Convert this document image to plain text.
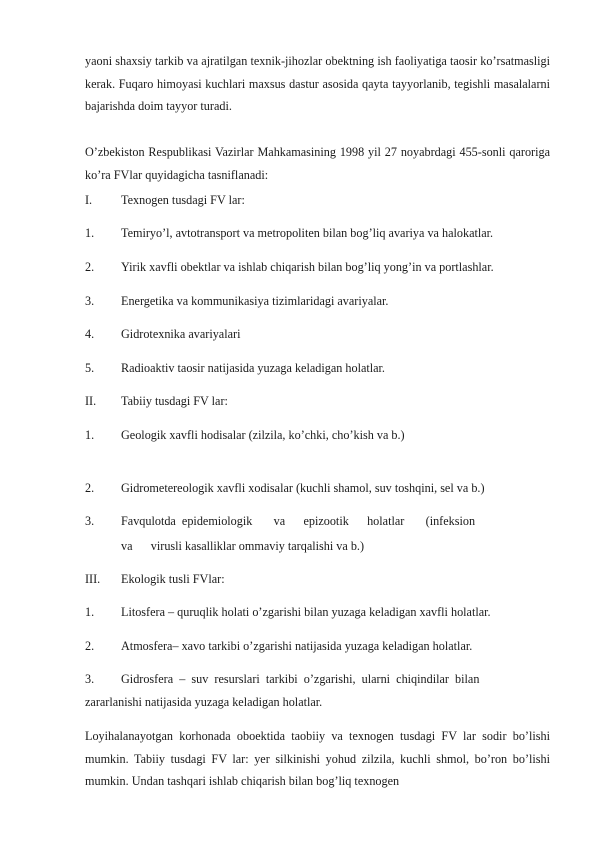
yaoni shaxsiy tarkib va ajratilgan texnik-jihozlar obektning ish faoliyatiga taosir ko’rsatmasligi kerak. Fuqaro himoyasi kuchlari maxsus dastur asosida qayta tayyorlanib, tegishli masalalarni bajarishda doim tayyor turadi.
O’zbekiston Respublikasi Vazirlar Mahkamasining 1998 yil 27 noyabrdagi 455-sonli qaroriga ko’ra FVlar quyidagicha tasniflanadi:
I. Texnogen tusdagi FV lar:
1. Temiryo’l, avtotransport va metropoliten bilan bog’liq avariya va halokatlar.
2. Yirik xavfli obektlar va ishlab chiqarish bilan bog’liq yong’in va portlashlar.
3. Energetika va kommunikasiya tizimlaridagi avariyalar.
4. Gidrotexnika avariyalari
5. Radioaktiv taosir natijasida yuzaga keladigan holatlar.
II. Tabiiy tusdagi FV lar:
1. Geologik xavfli hodisalar (zilzila, ko’chki, cho’kish va b.)
2. Gidrometereologik xavfli xodisalar (kuchli shamol, suv toshqini, sel va b.)
3. Favqulotda  epidemiologik       va      epizootik      holatlar       (infeksion
va      virusli kasalliklar ommaviy tarqalishi va b.)
III. Ekologik tusli FVlar:
1. Litosfera – quruqlik holati o’zgarishi bilan yuzaga keladigan xavfli holatlar.
2. Atmosfera– xavo tarkibi o’zgarishi natijasida yuzaga keladigan holatlar.
3. Gidrosfera  –  suv  resurslari  tarkibi  o’zgarishi,  ularni  chiqindilar  bilan
zararlanishi natijasida yuzaga keladigan holatlar.
Loyihalanayotgan korhonada oboektida taobiiy va texnogen tusdagi FV lar sodir bo’lishi mumkin. Tabiiy tusdagi FV lar: yer silkinishi yohud zilzila, kuchli shmol, bo’ron bo’lishi mumkin. Undan tashqari ishlab chiqarish bilan bog’liq texnogen
